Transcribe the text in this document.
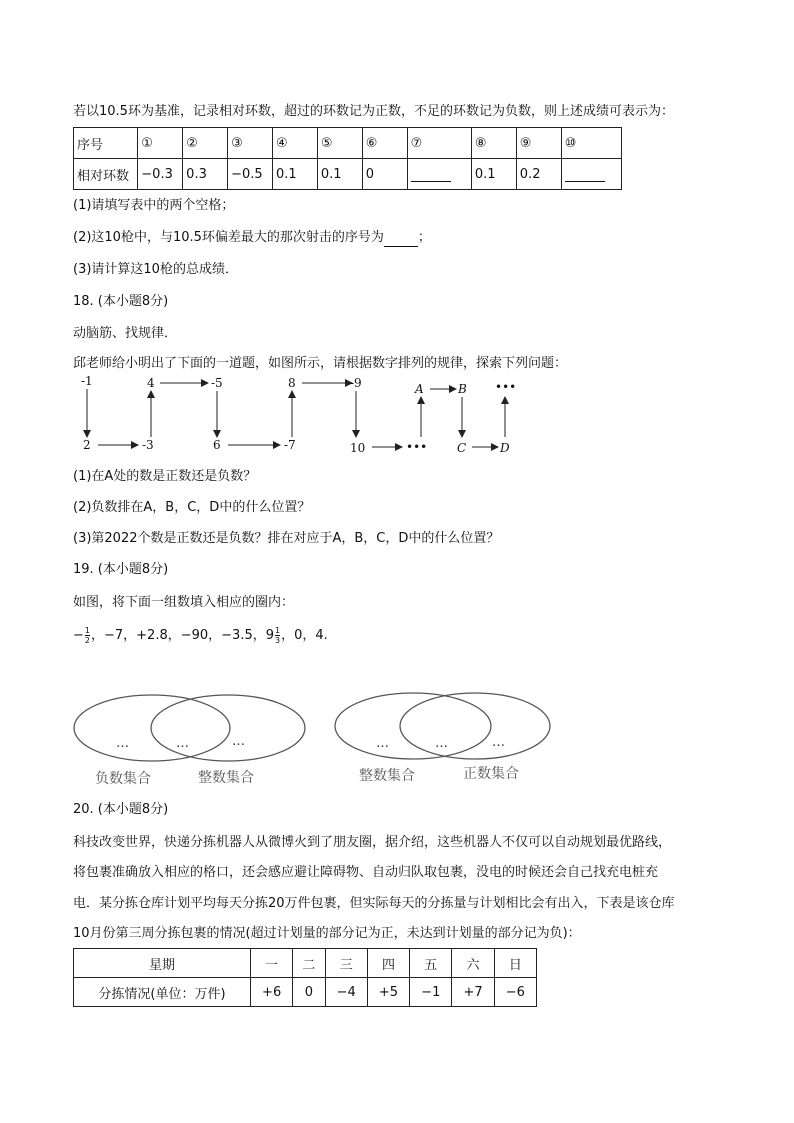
若以10.5环为基准，记录相对环数，超过的环数记为正数，不足的环数记为负数，则上述成绩可表示为：
序号	①	②	③	④	⑤	⑥	⑦	⑧	⑨	⑩
相对环数	−0.3	0.3	−0.5	0.1	0.1	0		0.1	0.2	
(1)请填写表中的两个空格；
(2)这10枪中，与10.5环偏差最大的那次射击的序号为	；
(3)请计算这10枪的总成绩．
18. (本小题8分)
动脑筋、找规律．
邱老师给小明出了下面的一道题，如图所示，请根据数字排列的规律，探索下列问题：
-1
2	-3
4	-5
6	-7
8	-9
10	•••
A	B
C	D
•••
(1)在A处的数是正数还是负数？
(2)负数排在A，B，C，D中的什么位置？
(3)第2022个数是正数还是负数？排在对应于A，B，C，D中的什么位置？
19. (本小题8分)
如图，将下面一组数填入相应的圈内：
− $\frac{1}{2}$ ，−7，+2.8，−90，−3.5，$9 \frac{1}{3}$ ，0，4.
…	…	…	…	…	…
负数集合	整数集合	整数集合	正数集合
20. (本小题8分)
科技改变世界，快递分拣机器人从微博火到了朋友圈，据介绍，这些机器人不仅可以自动规划最优路线，
将包裹准确放入相应的格口，还会感应避让障碍物、自动归队取包裹，没电的时候还会自己找充电桩充
电．某分拣仓库计划平均每天分拣20万件包裹，但实际每天的分拣量与计划相比会有出入，下表是该仓库
10月份第三周分拣包裹的情况(超过计划量的部分记为正，未达到计划量的部分记为负)：
星期	一	二	三	四	五	六	日
分拣情况(单位：万件)	+6	0	−4	+5	−1	+7	−6
